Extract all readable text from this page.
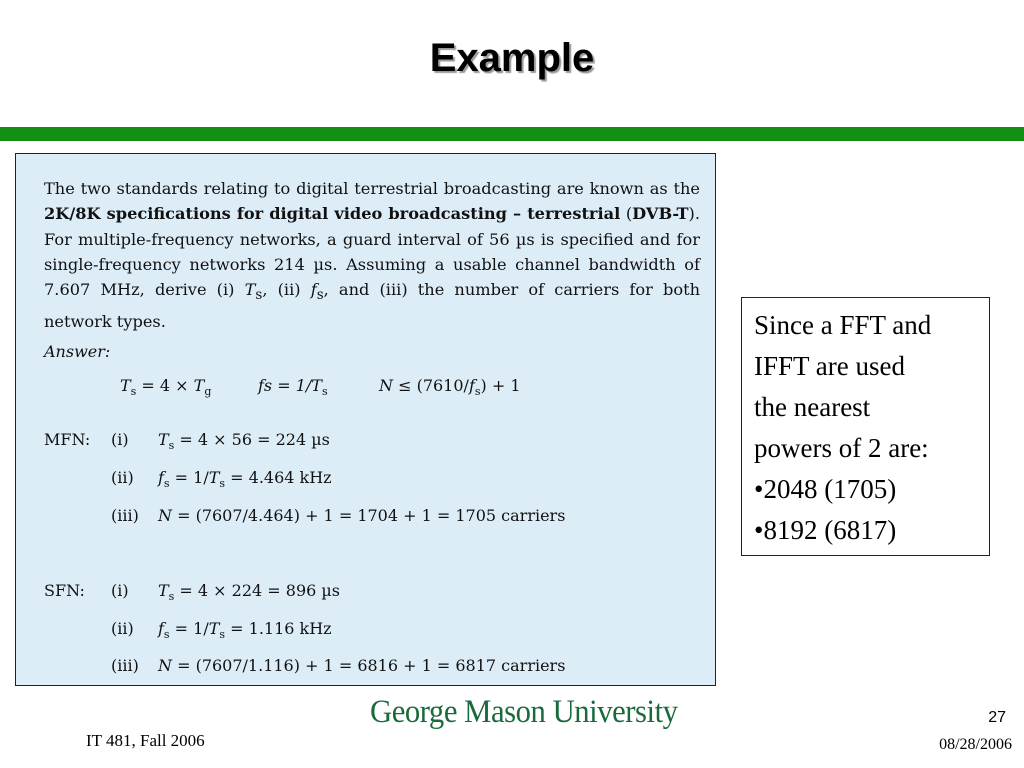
Example
The two standards relating to digital terrestrial broadcasting are known as the 2K/8K specifications for digital video broadcasting – terrestrial (DVB-T). For multiple-frequency networks, a guard interval of 56 µs is specified and for single-frequency networks 214 µs. Assuming a usable channel bandwidth of 7.607 MHz, derive (i) $T_s$, (ii) $f_s$, and (iii) the number of carriers for both network types.
Answer:
$T_s = 4 \times T_g$	fs = $1/T_s$	$N \le (7610/f_s) + 1$
MFN: (i) $T_s = 4 \times 56 = 224$ µs
(ii) $f_s = 1/T_s = 4.464$ kHz
(iii) N = (7607/4.464) + 1 = 1704 + 1 = 1705 carriers
SFN: (i) $T_s = 4 \times 224 = 896$ µs
(ii) $f_s = 1/T_s = 1.116$ kHz
(iii) N = (7607/1.116) + 1 = 6816 + 1 = 6817 carriers
Since a FFT and
IFFT are used
the nearest
powers of 2 are:
•2048 (1705)
•8192 (6817)
George Mason University
IT 481, Fall 2006
27
08/28/2006
